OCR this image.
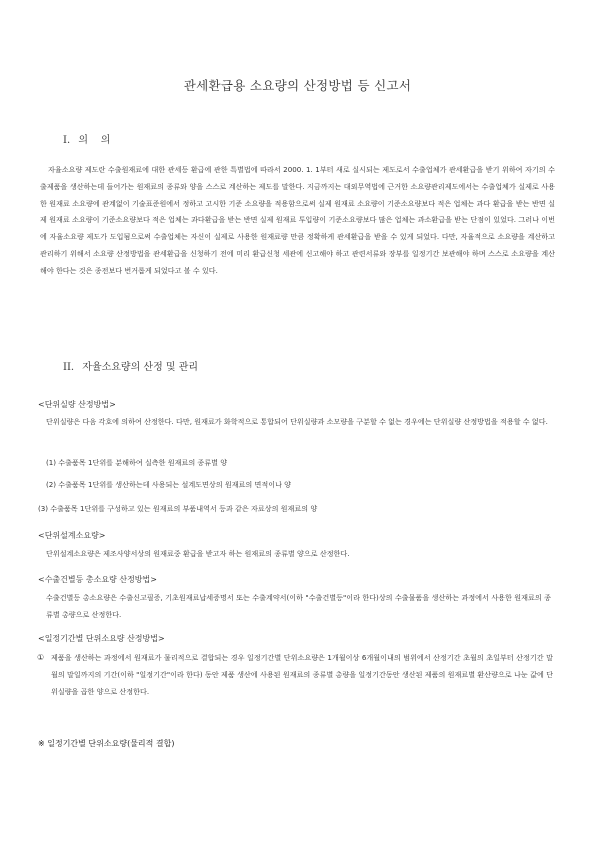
관세환급용 소요량의 산정방법 등 신고서
I. 의    의
자율소요량 제도란 수출원재료에 대한 관세등 환급에 관한 특별법에 따라서 2000. 1. 1부터 새로 실시되는 제도로서 수출업체가 관세환급을 받기 위하여 자기의 수출제품을 생산하는데 들어가는 원재료의 종류와 양을 스스로 계산하는 제도를 말한다. 지금까지는 대외무역법에 근거한 소요량관리제도에서는 수출업체가 실제로 사용한 원재료 소요량에 관계없이 기술표준원에서 정하고 고시한 기준 소요량을 적용함으로써 실제 원재료 소요량이 기준소요량보다 적은 업체는 과다 환급을 받는 반면 실제 원재료 소요량이 기준소요량보다 적은 업체는 과다환급을 받는 반면 실제 원재료 투입량이 기준소요량보다 많은 업체는 과소환급을 받는 단점이 있었다. 그러나 이번에 자율소요량 제도가 도입됨으로써 수출업체는 자신이 실제로 사용한 원재료량 만큼 정확하게 관세환급을 받을 수 있게 되었다. 다만, 자율적으로 소요량을 계산하고 관리하기 위해서 소요량 산정방법을 관세환급을 신청하기 전에 미리 환급신청 세관에 신고해야 하고 관련서류와 장부를 일정기간 보관해야 하며 스스로 소요량을 계산해야 한다는 것은 종전보다 번거롭게 되었다고 볼 수 있다.
II. 자율소요량의 산정 및 관리
<단위실량 산정방법>
단위실량은 다음 각호에 의하여 산정한다. 다만, 원재료가 화학적으로 통합되어 단위실량과 소모량을 구분할 수 없는 경우에는 단위실량 산정방법을 적용할 수 없다.
(1) 수출품목 1단위를 분해하여 실측한 원재료의 종류별 양
(2) 수출품목 1단위를 생산하는데 사용되는 설계도면상의 원재료의 면적이나 양
(3) 수출품목 1단위를 구성하고 있는 원재료의 부품내역서 등과 같은 자료상의 원재료의 양
<단위설계소요량>
단위설계소요량은 제조사양서상의 원재료중 환급을 받고자 하는 원재료의 종류별 양으로 산정한다.
<수출건별등 총소요량 산정방법>
수출건별등 총소요량은 수출신고필증, 기초원재료납세증명서 또는 수출계약서(이하 "수출건별등"이라 한다)상의 수출물품을 생산하는 과정에서 사용한 원재료의 종류별 총량으로 산정한다.
<일정기간별 단위소요량 산정방법>
① 제품을 생산하는 과정에서 원재료가 물리적으로 결합되는 경우 일정기간별 단위소요량은 1개월이상 6개월이내의 범위에서 산정기간 초월의 초일부터 산정기간 말월의 말일까지의 기간(이하 "일정기간"이라 한다) 동안 제품 생산에 사용된 원재료의 종류별 총량을 일정기간동안 생산된 제품의 원재료별 환산량으로 나눈 값에 단위실량을 곱한 양으로 산정한다.
※ 일정기간별 단위소요량(물리적 결합)
